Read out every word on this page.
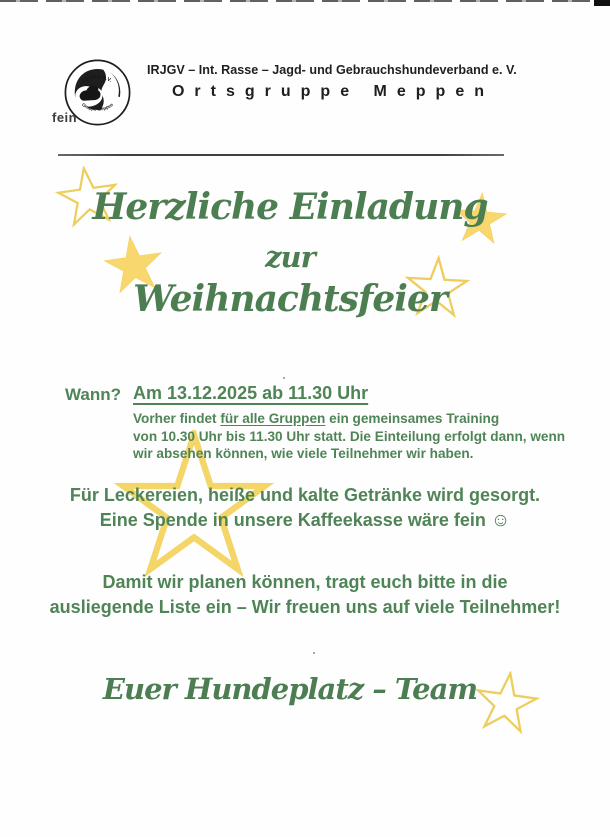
IRJGV e.V.
Gruppe Meppen
fein
IRJGV – Int. Rasse – Jagd- und Gebrauchshundeverband e. V.
Ortsgruppe Meppen
Herzliche Einladung
zur
Weihnachtsfeier
Wann? Am 13.12.2025 ab 11.30 Uhr
Vorher findet für alle Gruppen ein gemeinsames Training
von 10.30 Uhr bis 11.30 Uhr statt. Die Einteilung erfolgt dann, wenn
wir absehen können, wie viele Teilnehmer wir haben.
Für Leckereien, heiße und kalte Getränke wird gesorgt.
Eine Spende in unsere Kaffeekasse wäre fein ☺
Damit wir planen können, tragt euch bitte in die
ausliegende Liste ein – Wir freuen uns auf viele Teilnehmer!
Euer Hundeplatz – Team
